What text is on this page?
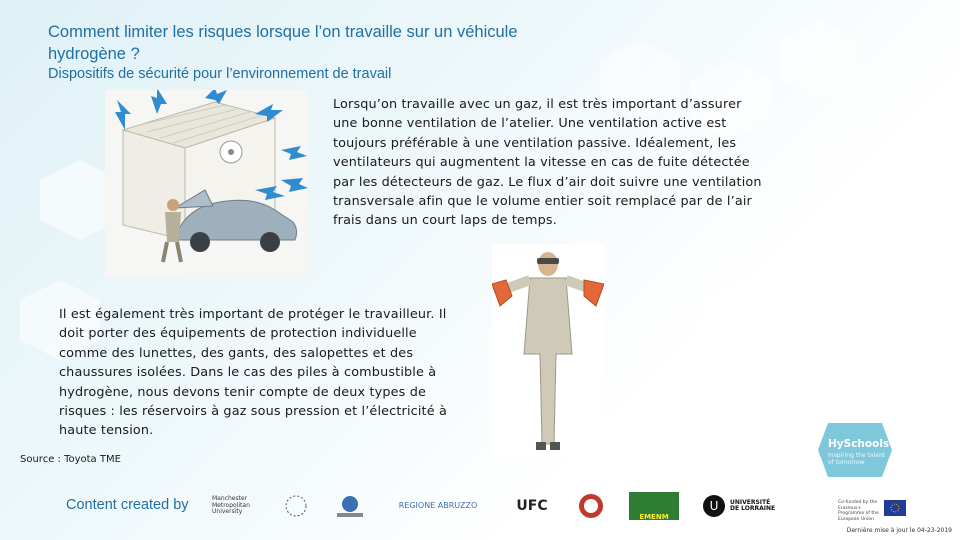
Comment limiter les risques lorsque l’on travaille sur un véhicule hydrogène ?
Dispositifs de sécurité pour l’environnement de travail
Lorsqu’on travaille avec un gaz, il est très important d’assurer une bonne ventilation de l’atelier. Une ventilation active est toujours préférable à une ventilation passive. Idéalement, les ventilateurs qui augmentent la vitesse en cas de fuite détectée par les détecteurs de gaz. Le flux d’air doit suivre une ventilation transversale afin que le volume entier soit remplacé par de l’air frais dans un court laps de temps.
Il est également très important de protéger le travailleur. Il doit porter des équipements de protection individuelle comme des lunettes, des gants, des salopettes et des chaussures isolées. Dans le cas des piles à combustible à hydrogène, nous devons tenir compte de deux types de risques : les réservoirs à gaz sous pression et l’électricité à haute tension.
Source : Toyota TME
HySchools
Inspiring the talent of tomorrow
Content created by	Manchester Metropolitan University
REGIONE ABRUZZO	UFC
EMENM
U UNIVERSITÉ DE LORRAINE
Co-funded by the Erasmus+ Programme of the European Union
Dernière mise à jour le 04-23-2019
